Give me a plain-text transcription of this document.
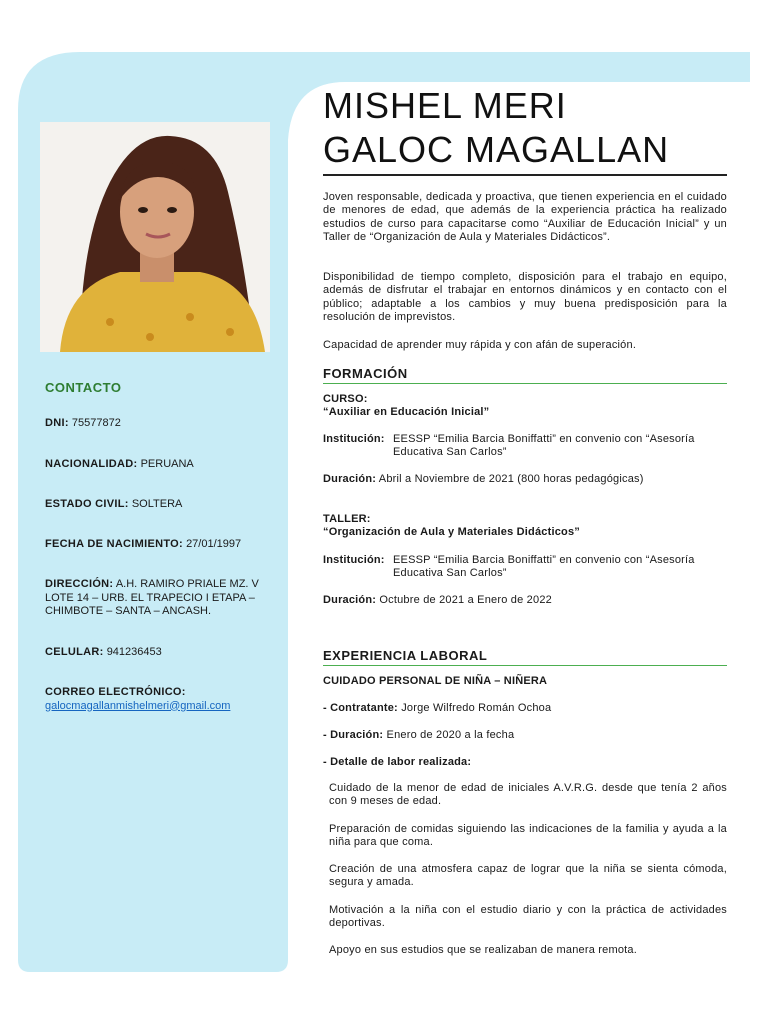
CONTACTO
DNI: 75577872
NACIONALIDAD: PERUANA
ESTADO CIVIL: SOLTERA
FECHA DE NACIMIENTO: 27/01/1997
DIRECCIÓN: A.H. RAMIRO PRIALE MZ. V LOTE 14 – URB. EL TRAPECIO I ETAPA – CHIMBOTE – SANTA – ANCASH.
CELULAR: 941236453
CORREO ELECTRÓNICO:
galocmagallanmishelmeri@gmail.com
MISHEL MERI
GALOC MAGALLAN
Joven responsable, dedicada y proactiva, que tienen experiencia en el cuidado de menores de edad, que además de la experiencia práctica ha realizado estudios de curso para capacitarse como “Auxiliar de Educación Inicial” y un Taller de “Organización de Aula y Materiales Didácticos”.
Disponibilidad de tiempo completo, disposición para el trabajo en equipo, además de disfrutar el trabajar en entornos dinámicos y en contacto con el público; adaptable a los cambios y muy buena predisposición para la resolución de imprevistos.
Capacidad de aprender muy rápida y con afán de superación.
FORMACIÓN
CURSO:
“Auxiliar en Educación Inicial”
Institución: EESSP “Emilia Barcia Boniffatti” en convenio con “Asesoría Educativa San Carlos”
Duración: Abril a Noviembre de 2021 (800 horas pedagógicas)
TALLER:
“Organización de Aula y Materiales Didácticos”
Institución: EESSP “Emilia Barcia Boniffatti” en convenio con “Asesoría Educativa San Carlos”
Duración: Octubre de 2021 a Enero de 2022
EXPERIENCIA LABORAL
CUIDADO PERSONAL DE NIÑA – NIÑERA
- Contratante: Jorge Wilfredo Román Ochoa
- Duración: Enero de 2020 a la fecha
- Detalle de labor realizada:
Cuidado de la menor de edad de iniciales A.V.R.G. desde que tenía 2 años con 9 meses de edad.
Preparación de comidas siguiendo las indicaciones de la familia y ayuda a la niña para que coma.
Creación de una atmosfera capaz de lograr que la niña se sienta cómoda, segura y amada.
Motivación a la niña con el estudio diario y con la práctica de actividades deportivas.
Apoyo en sus estudios que se realizaban de manera remota.
